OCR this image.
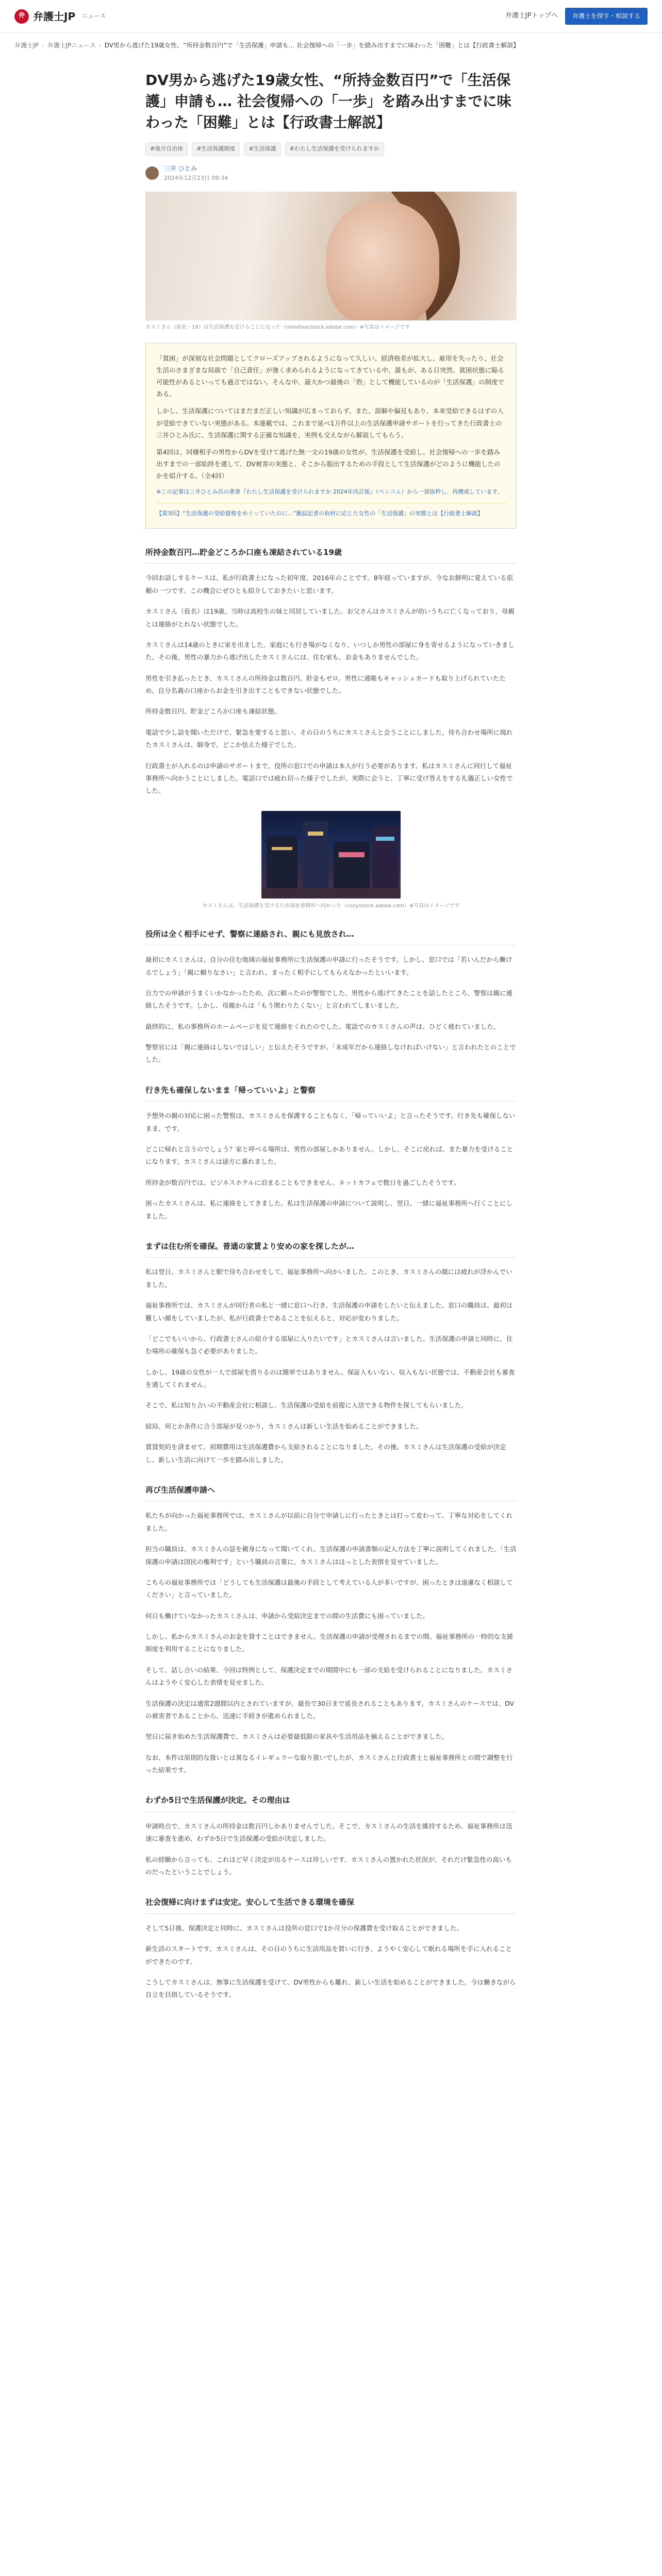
弁 弁護士JP ニュース	弁護士JPトップへ	弁護士を探す・相談する
弁護士JP › 弁護士JPニュース › DV男から逃げた19歳女性、“所持金数百円”で「生活保護」申請も… 社会復帰への「一歩」を踏み出すまでに味わった「困難」とは【行政書士解説】
DV男から逃げた19歳女性、“所持金数百円”で「生活保護」申請も… 社会復帰への「一歩」を踏み出すまでに味わった「困難」とは【行政書士解説】
#地方自治体	#生活保護制度	#生活保護	#わたし生活保護を受けられますか
三井 ひとみ
2024年12月23日 09:34
カスミさん（仮名・19）は生活保護を受けることになった（mimitoai/stock.adobe.com）※写真はイメージです

「貧困」が深刻な社会問題としてクローズアップされるようになって久しい。経済格差が拡大し、雇用を失ったり、社会生活のさまざまな局面で「自己責任」が強く求められるようになってきている中、誰もが、ある日突然、貧困状態に陥る可能性があるといっても過言ではない。そんな中、最大かつ最後の「砦」として機能しているのが「生活保護」の制度である。

しかし、生活保護についてはまだまだ正しい知識が広まっておらず、また、誤解や偏見もあり、本来受給できるはずの人が受給できていない実態がある。本連載では、これまで延べ1万件以上の生活保護申請サポートを行ってきた行政書士の三井ひとみ氏に、生活保護に関する正確な知識を、実例も交えながら解説してもらう。

第4回は、同棲相手の男性からDVを受けて逃げた無一文の19歳の女性が、生活保護を受給し、社会復帰への一歩を踏み出すまでの一部始終を通して、DV被害の実態と、そこから脱出するための手段として生活保護がどのように機能したのかを紹介する。（全4回）

※この記事は三井ひとみ氏の著書『わたし生活保護を受けられますか 2024年改訂版』（ペンコム）から一部抜粋し、再構成しています。

【第3回】“生活保護の受給資格をめぐっていたのに…”雑誌記者の取材に応じた女性の「生活保護」の実態とは【行政書士解説】
所持金数百円…貯金どころか口座も凍結されている19歳

今回お話しするケースは、私が行政書士になった初年度、2016年のことです。8年経っていますが、今なお鮮明に覚えている依頼の一つです。この機会にぜひとも紹介しておきたいと思います。

カスミさん（仮名）は19歳。当時は高校生の妹と同居していました。お父さんはカスミさんが幼いうちに亡くなっており、母親とは連絡がとれない状態でした。

カスミさんは14歳のときに家を出ました。家庭にも行き場がなくなり、いつしか男性の部屋に身を寄せるようになっていきました。その後、男性の暴力から逃げ出したカスミさんには、住む家も、お金もありませんでした。

男性を引き払ったとき、カスミさんの所持金は数百円。貯金もゼロ。男性に通帳もキャッシュカードも取り上げられていたため、自分名義の口座からお金を引き出すこともできない状態でした。

所持金数百円、貯金どころか口座も凍結状態。

電話で少し話を聞いただけで、緊急を要すると思い、その日のうちにカスミさんと会うことにしました。待ち合わせ場所に現れたカスミさんは、細身で、どこか怯えた様子でした。

行政書士が入れるのは申請のサポートまで。役所の窓口での申請は本人が行う必要があります。私はカスミさんに同行して福祉事務所へ向かうことにしました。電話口では疲れ切った様子でしたが、実際に会うと、丁寧に受け答えをする礼儀正しい女性でした。

カスミさんは、生活保護を受けるため福祉事務所へ向かった（cozy/stock.adobe.com）※写真はイメージです
役所は全く相手にせず、警察に連絡され、親にも見放され…

最初にカスミさんは、自分の住む地域の福祉事務所に生活保護の申請に行ったそうです。しかし、窓口では「若いんだから働けるでしょう」「親に頼りなさい」と言われ、まったく相手にしてもらえなかったといいます。

自力での申請がうまくいかなかったため、次に頼ったのが警察でした。男性から逃げてきたことを話したところ、警察は親に連絡したそうです。しかし、母親からは「もう関わりたくない」と言われてしまいました。

最終的に、私の事務所のホームページを見て連絡をくれたのでした。電話でのカスミさんの声は、ひどく疲れていました。

警察官には「親に連絡はしないでほしい」と伝えたそうですが、「未成年だから連絡しなければいけない」と言われたとのことでした。

行き先も確保しないまま「帰っていいよ」と警察

予想外の親の対応に困った警察は、カスミさんを保護することもなく、「帰っていいよ」と言ったそうです。行き先も確保しないまま、です。

どこに帰れと言うのでしょう？家と呼べる場所は、男性の部屋しかありません。しかし、そこに戻れば、また暴力を受けることになります。カスミさんは途方に暮れました。

所持金が数百円では、ビジネスホテルに泊まることもできません。ネットカフェで数日を過ごしたそうです。

困ったカスミさんは、私に連絡をしてきました。私は生活保護の申請について説明し、翌日、一緒に福祉事務所へ行くことにしました。

まずは住む所を確保。普通の家賃より安めの家を探したが…

私は翌日、カスミさんと駅で待ち合わせをして、福祉事務所へ向かいました。このとき、カスミさんの顔には疲れが浮かんでいました。

福祉事務所では、カスミさんが同行者の私と一緒に窓口へ行き、生活保護の申請をしたいと伝えました。窓口の職員は、最初は難しい顔をしていましたが、私が行政書士であることを伝えると、対応が変わりました。

「どこでもいいから、行政書士さんの紹介する部屋に入りたいです」とカスミさんは言いました。生活保護の申請と同時に、住む場所の確保も急ぐ必要がありました。

しかし、19歳の女性が一人で部屋を借りるのは簡単ではありません。保証人もいない、収入もない状態では、不動産会社も審査を通してくれません。

そこで、私は知り合いの不動産会社に相談し、生活保護の受給を前提に入居できる物件を探してもらいました。

結局、何とか条件に合う部屋が見つかり、カスミさんは新しい生活を始めることができました。

賃貸契約を済ませて、初期費用は生活保護費から支給されることになりました。その後、カスミさんは生活保護の受給が決定し、新しい生活に向けて一歩を踏み出しました。

再び生活保護申請へ

私たちが向かった福祉事務所では、カスミさんが以前に自分で申請しに行ったときとは打って変わって、丁寧な対応をしてくれました。

担当の職員は、カスミさんの話を親身になって聞いてくれ、生活保護の申請書類の記入方法を丁寧に説明してくれました。「生活保護の申請は国民の権利です」という職員の言葉に、カスミさんはほっとした表情を見せていました。

こちらの福祉事務所では「どうしても生活保護は最後の手段として考えている人が多いですが、困ったときは遠慮なく相談してください」と言っていました。

何日も働けていなかったカスミさんは、申請から受給決定までの間の生活費にも困っていました。

しかし、私からカスミさんのお金を貸すことはできません。生活保護の申請が受理されるまでの間、福祉事務所の一時的な支援制度を利用することになりました。

そして、話し合いの結果、今回は特例として、保護決定までの期間中にも一部の支給を受けられることになりました。カスミさんはようやく安心した表情を見せました。

生活保護の決定は通常2週間以内とされていますが、最長で30日まで延長されることもあります。カスミさんのケースでは、DVの被害者であることから、迅速に手続きが進められました。

翌日に届き始めた生活保護費で、カスミさんは必要最低限の家具や生活用品を揃えることができました。

なお、本件は原則的な扱いとは異なるイレギュラーな取り扱いでしたが、カスミさんと行政書士と福祉事務所との間で調整を行った結果です。

わずか5日で生活保護が決定。その理由は

申請時点で、カスミさんの所持金は数百円しかありませんでした。そこで、カスミさんの生活を維持するため、福祉事務所は迅速に審査を進め、わずか5日で生活保護の受給が決定しました。

私の経験から言っても、これほど早く決定が出るケースは珍しいです。カスミさんの置かれた状況が、それだけ緊急性の高いものだったということでしょう。

社会復帰に向けまずは安定。安心して生活できる環境を確保

そして5日後、保護決定と同時に、カスミさんは役所の窓口で1か月分の保護費を受け取ることができました。

新生活のスタートです。カスミさんは、その日のうちに生活用品を買いに行き、ようやく安心して眠れる場所を手に入れることができたのです。

こうしてカスミさんは、無事に生活保護を受けて、DV男性からも離れ、新しい生活を始めることができました。今は働きながら自立を目指しているそうです。
